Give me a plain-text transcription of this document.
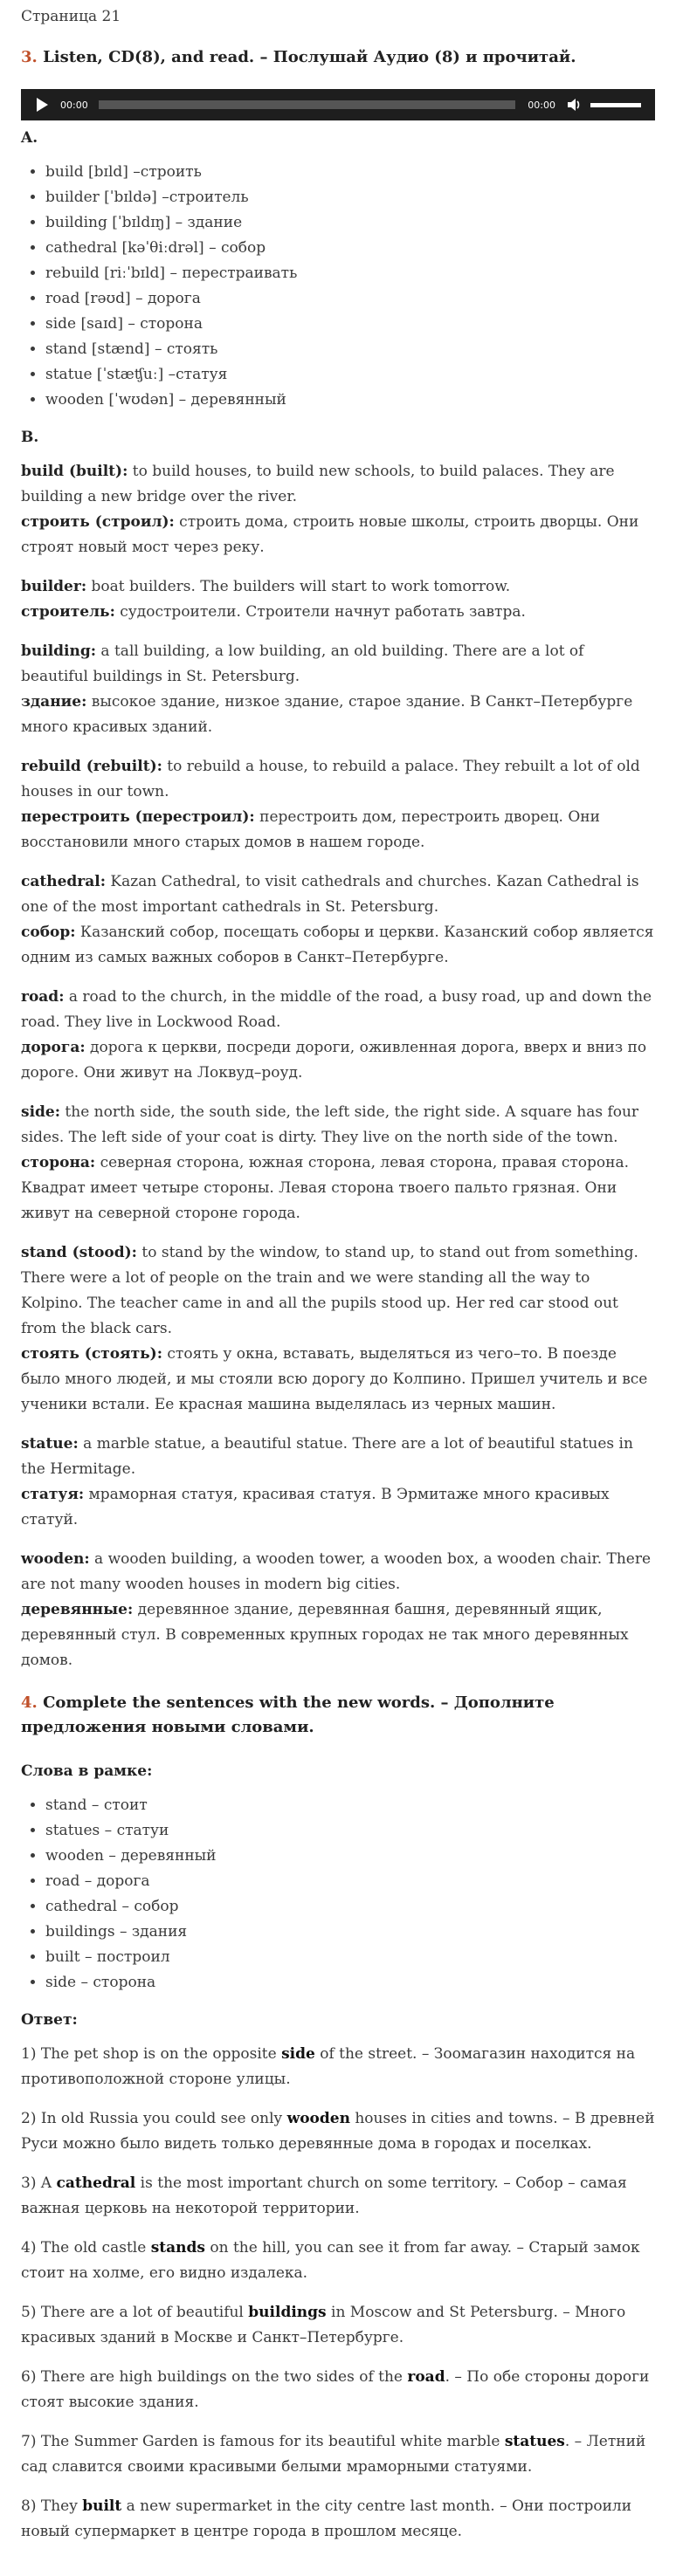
Страница 21

3. Listen, CD(8), and read. – Послушай Аудио (8) и прочитай.
00:00	00:00

A.

• build [bɪld] –строить
• builder [ˈbɪldə] –строитель
• building [ˈbɪldɪŋ] – здание
• cathedral [kəˈθiːdrəl] – собор
• rebuild [riːˈbɪld] – перестраивать
• road [rəʊd] – дорога
• side [saɪd] – сторона
• stand [stænd] – стоять
• statue [ˈstæʧuː] –статуя
• wooden [ˈwʊdən] – деревянный

B.

build (built): to build houses, to build new schools, to build palaces. They are building a new bridge over the river.

строить (строил): строить дома, строить новые школы, строить дворцы. Они строят новый мост через реку.

builder: boat builders. The builders will start to work tomorrow.

строитель: судостроители. Строители начнут работать завтра.

building: a tall building, a low building, an old building. There are a lot of beautiful buildings in St. Petersburg.

здание: высокое здание, низкое здание, старое здание. В Санкт–Петербурге много красивых зданий.

rebuild (rebuilt): to rebuild a house, to rebuild a palace. They rebuilt a lot of old houses in our town.

перестроить (перестроил): перестроить дом, перестроить дворец. Они восстановили много старых домов в нашем городе.

cathedral: Kazan Cathedral, to visit cathedrals and churches. Kazan Cathedral is one of the most important cathedrals in St. Petersburg.

собор: Казанский собор, посещать соборы и церкви. Казанский собор является одним из самых важных соборов в Санкт–Петербурге.

road: a road to the church, in the middle of the road, a busy road, up and down the road. They live in Lockwood Road.

дорога: дорога к церкви, посреди дороги, оживленная дорога, вверх и вниз по дороге. Они живут на Локвуд–роуд.

side: the north side, the south side, the left side, the right side. A square has four sides. The left side of your coat is dirty. They live on the north side of the town.

сторона: северная сторона, южная сторона, левая сторона, правая сторона. Квадрат имеет четыре стороны. Левая сторона твоего пальто грязная. Они живут на северной стороне города.

stand (stood): to stand by the window, to stand up, to stand out from something. There were a lot of people on the train and we were standing all the way to Kolpino. The teacher came in and all the pupils stood up. Her red car stood out from the black cars.

стоять (стоять): стоять у окна, вставать, выделяться из чего–то. В поезде было много людей, и мы стояли всю дорогу до Колпино. Пришел учитель и все ученики встали. Ее красная машина выделялась из черных машин.

statue: a marble statue, a beautiful statue. There are a lot of beautiful statues in the Hermitage.

статуя: мраморная статуя, красивая статуя. В Эрмитаже много красивых статуй.

wooden: a wooden building, a wooden tower, a wooden box, a wooden chair. There are not many wooden houses in modern big cities.

деревянные: деревянное здание, деревянная башня, деревянный ящик, деревянный стул. В современных крупных городах не так много деревянных домов.

4. Complete the sentences with the new words. – Дополните предложения новыми словами.

Слова в рамке:

• stand – стоит
• statues – статуи
• wooden – деревянный
• road – дорога
• cathedral – собор
• buildings – здания
• built – построил
• side – сторона

Ответ:

1) The pet shop is on the opposite side of the street. – Зоомагазин находится на противоположной стороне улицы.

2) In old Russia you could see only wooden houses in cities and towns. – В древней Руси можно было видеть только деревянные дома в городах и поселках.

3) A cathedral is the most important church on some territory. – Собор – самая важная церковь на некоторой территории.

4) The old castle stands on the hill, you can see it from far away. – Старый замок стоит на холме, его видно издалека.

5) There are a lot of beautiful buildings in Moscow and St Petersburg. – Много красивых зданий в Москве и Санкт–Петербурге.

6) There are high buildings on the two sides of the road. – По обе стороны дороги стоят высокие здания.

7) The Summer Garden is famous for its beautiful white marble statues. – Летний сад славится своими красивыми белыми мраморными статуями.

8) They built a new supermarket in the city centre last month. – Они построили новый супермаркет в центре города в прошлом месяце.
